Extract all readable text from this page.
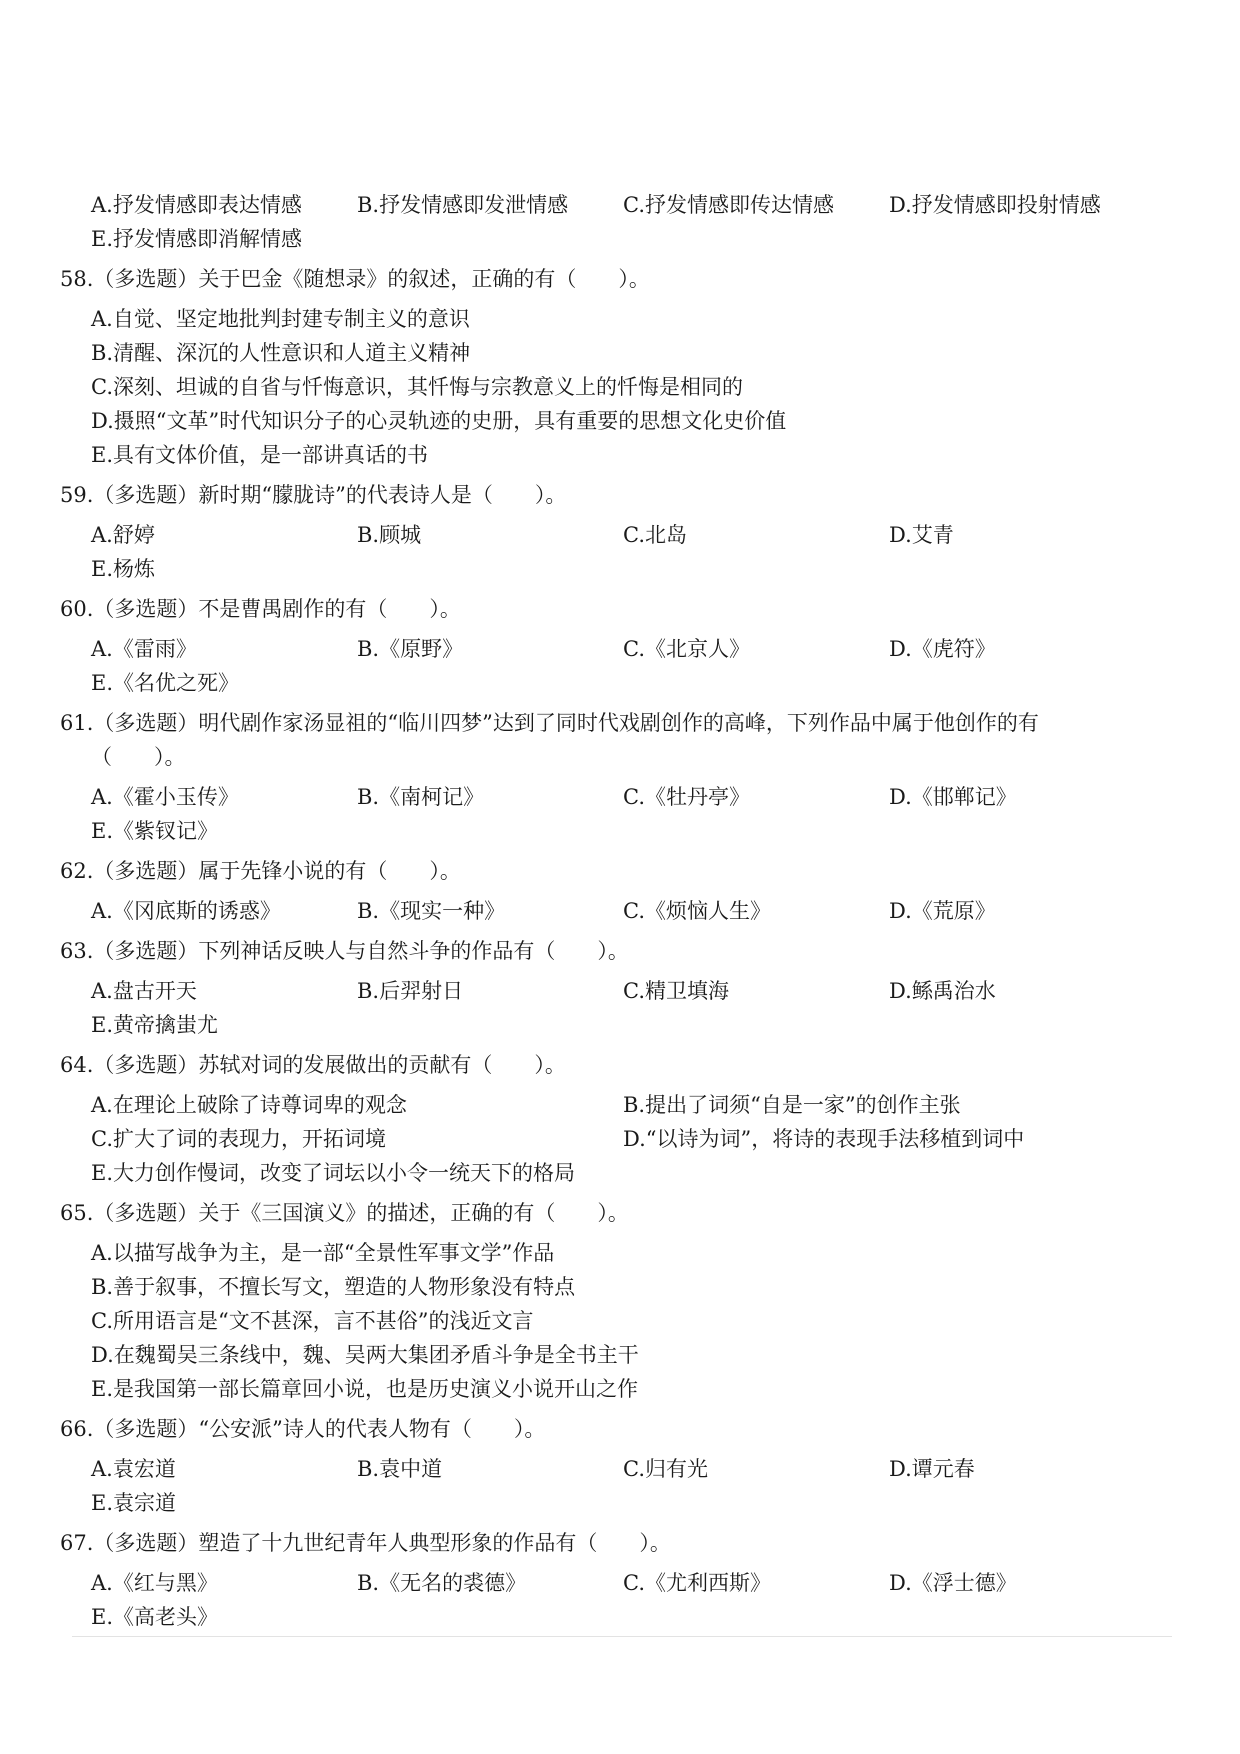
A.抒发情感即表达情感	B.抒发情感即发泄情感	C.抒发情感即传达情感	D.抒发情感即投射情感
E.抒发情感即消解情感
58.（多选题）关于巴金《随想录》的叙述，正确的有（　　）。
A.自觉、坚定地批判封建专制主义的意识
B.清醒、深沉的人性意识和人道主义精神
C.深刻、坦诚的自省与忏悔意识，其忏悔与宗教意义上的忏悔是相同的
D.摄照“文革”时代知识分子的心灵轨迹的史册，具有重要的思想文化史价值
E.具有文体价值，是一部讲真话的书
59.（多选题）新时期“朦胧诗”的代表诗人是（　　）。
A.舒婷	B.顾城	C.北岛	D.艾青
E.杨炼
60.（多选题）不是曹禺剧作的有（　　）。
A.《雷雨》	B.《原野》	C.《北京人》	D.《虎符》
E.《名优之死》
61.（多选题）明代剧作家汤显祖的“临川四梦”达到了同时代戏剧创作的高峰，下列作品中属于他创作的有
（　　）。
A.《霍小玉传》	B.《南柯记》	C.《牡丹亭》	D.《邯郸记》
E.《紫钗记》
62.（多选题）属于先锋小说的有（　　）。
A.《冈底斯的诱惑》	B.《现实一种》	C.《烦恼人生》	D.《荒原》
63.（多选题）下列神话反映人与自然斗争的作品有（　　）。
A.盘古开天	B.后羿射日	C.精卫填海	D.鲧禹治水
E.黄帝擒蚩尤
64.（多选题）苏轼对词的发展做出的贡献有（　　）。
A.在理论上破除了诗尊词卑的观念	B.提出了词须“自是一家”的创作主张
C.扩大了词的表现力，开拓词境	D.“以诗为词”，将诗的表现手法移植到词中
E.大力创作慢词，改变了词坛以小令一统天下的格局
65.（多选题）关于《三国演义》的描述，正确的有（　　）。
A.以描写战争为主，是一部“全景性军事文学”作品
B.善于叙事，不擅长写文，塑造的人物形象没有特点
C.所用语言是“文不甚深，言不甚俗”的浅近文言
D.在魏蜀吴三条线中，魏、吴两大集团矛盾斗争是全书主干
E.是我国第一部长篇章回小说，也是历史演义小说开山之作
66.（多选题）“公安派”诗人的代表人物有（　　）。
A.袁宏道	B.袁中道	C.归有光	D.谭元春
E.袁宗道
67.（多选题）塑造了十九世纪青年人典型形象的作品有（　　）。
A.《红与黑》	B.《无名的裘德》	C.《尤利西斯》	D.《浮士德》
E.《高老头》
